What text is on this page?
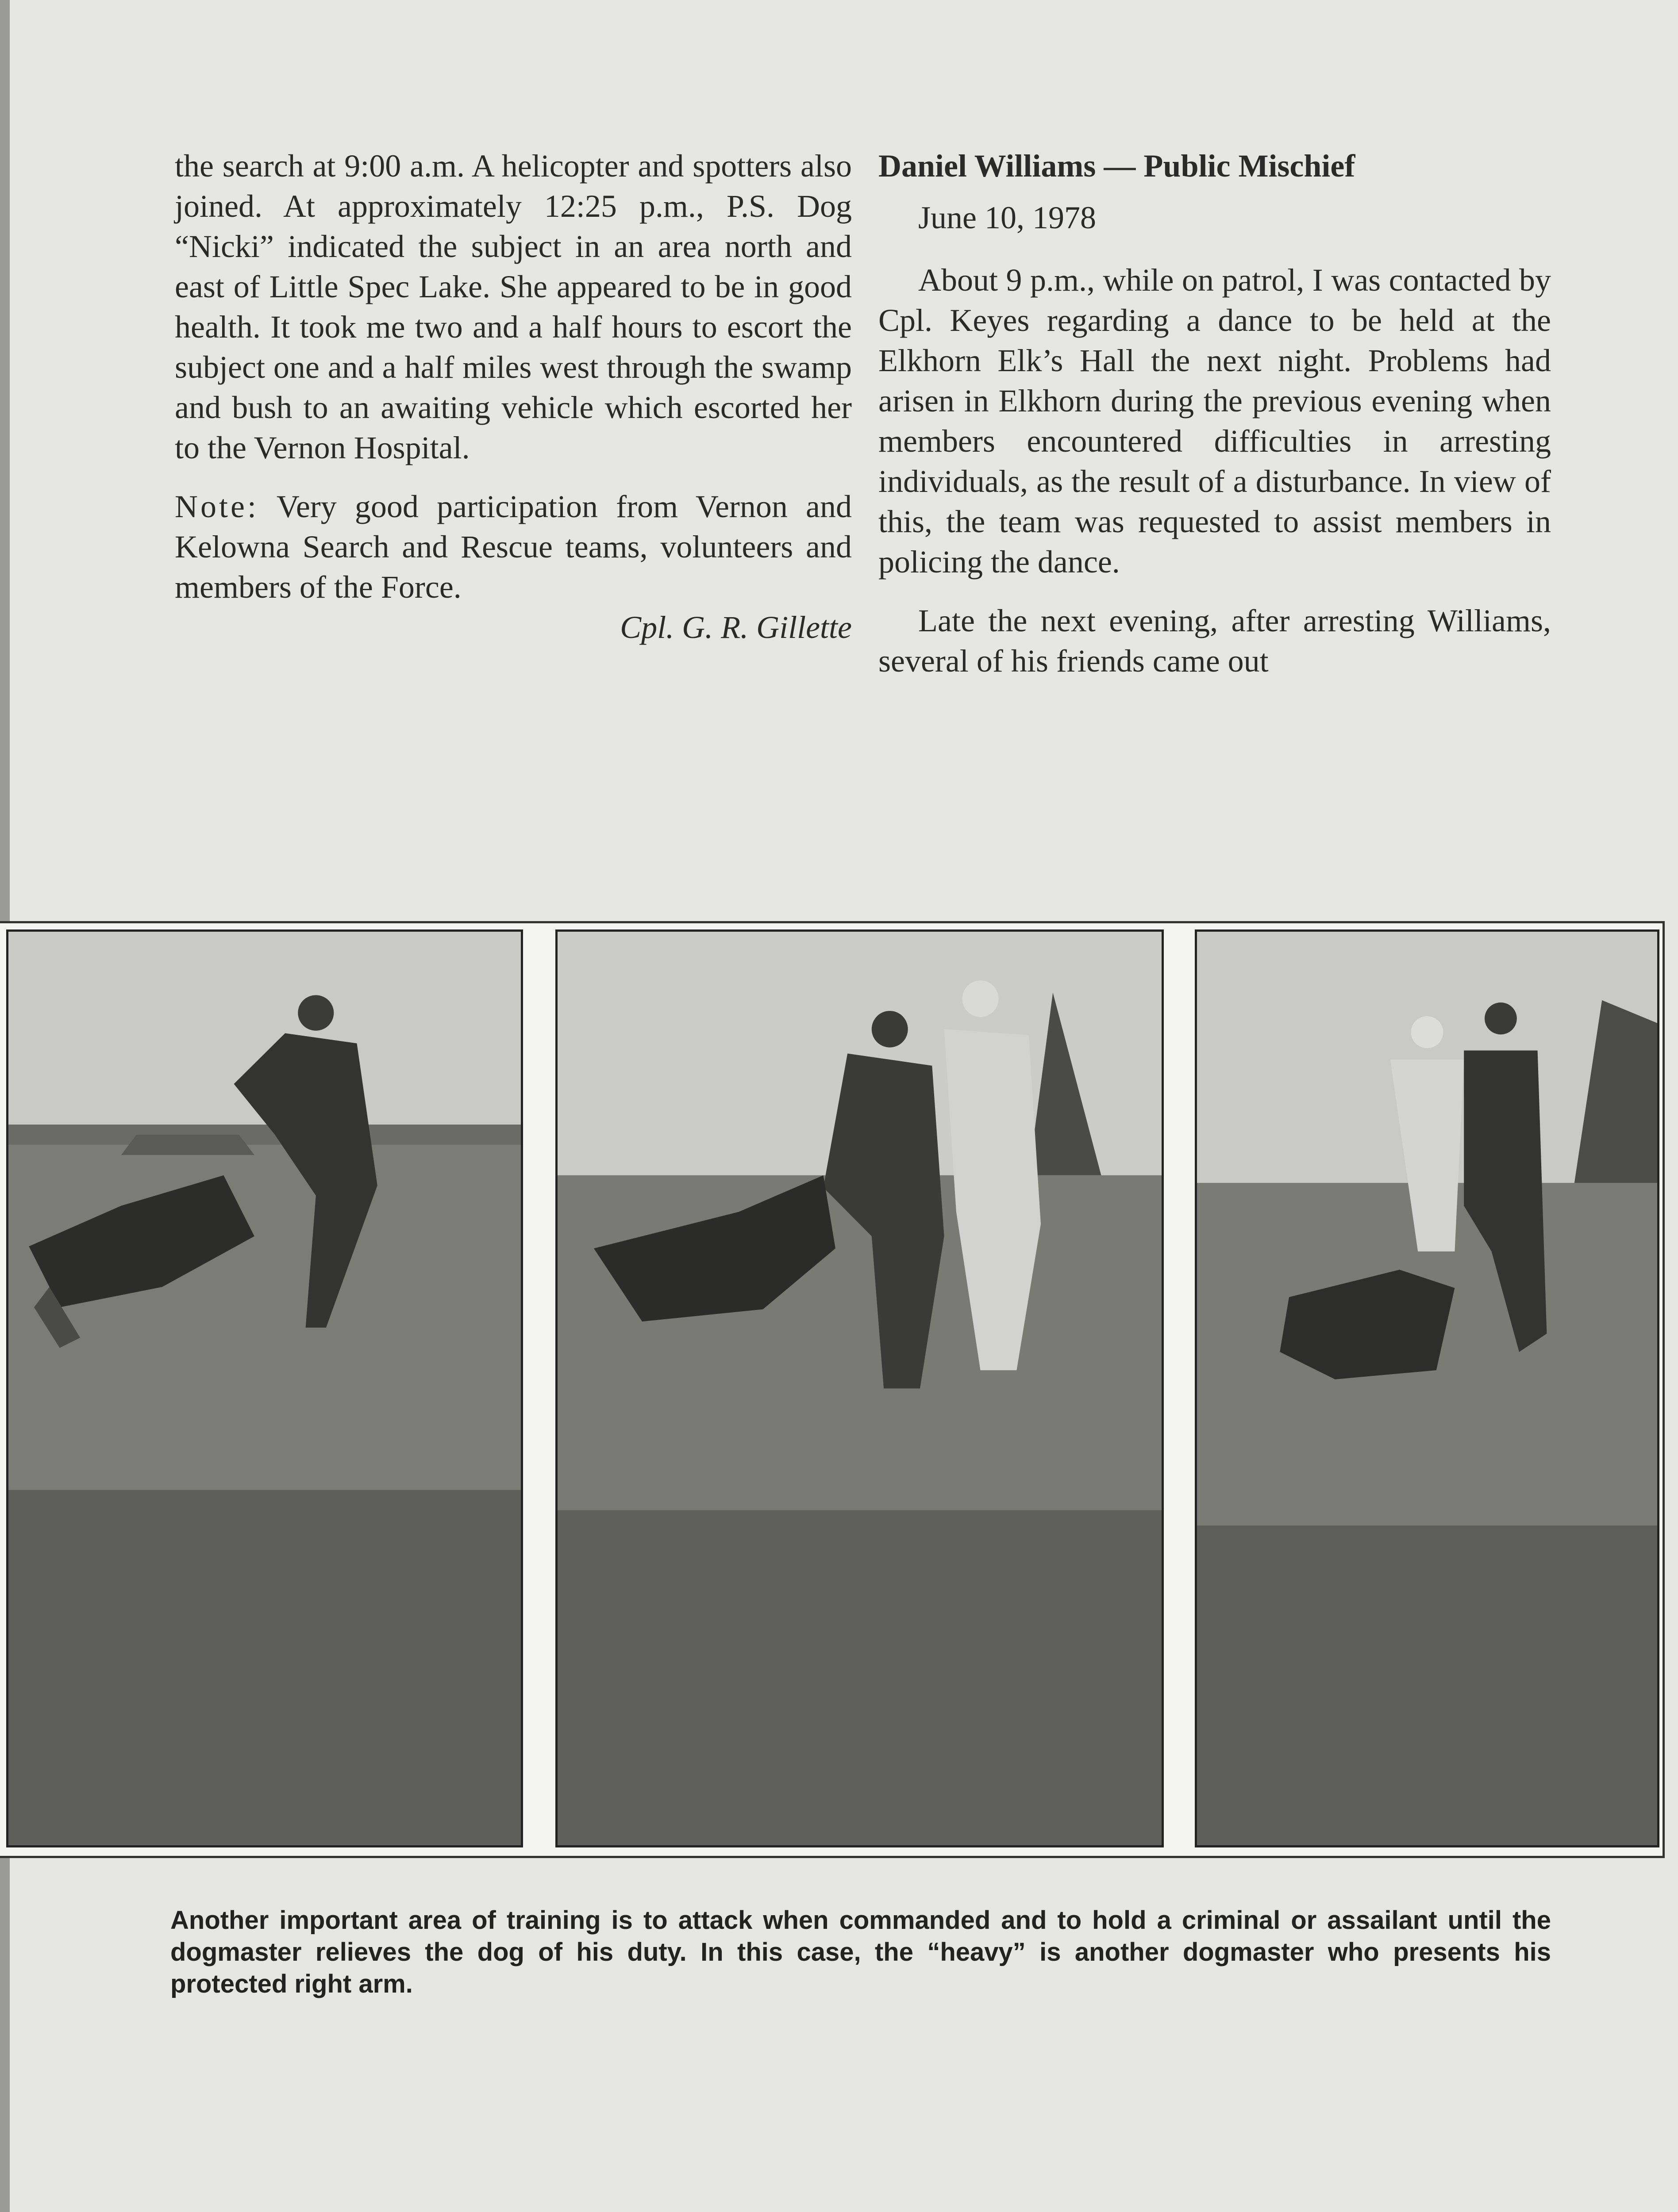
the search at 9:00 a.m. A helicopter and spotters also joined. At approximately 12:25 p.m., P.S. Dog “Nicki” indicated the subject in an area north and east of Little Spec Lake. She appeared to be in good health. It took me two and a half hours to escort the subject one and a half miles west through the swamp and bush to an awaiting vehicle which escorted her to the Vernon Hospital.

Note: Very good participation from Vernon and Kelowna Search and Rescue teams, volunteers and members of the Force.

Cpl. G. R. Gillette

Daniel Williams — Public Mischief

June 10, 1978

About 9 p.m., while on patrol, I was contacted by Cpl. Keyes regarding a dance to be held at the Elkhorn Elk’s Hall the next night. Problems had arisen in Elkhorn during the previous evening when members encountered difficulties in arresting individuals, as the result of a disturbance. In view of this, the team was requested to assist members in policing the dance.

Late the next evening, after arresting Williams, several of his friends came out

Another important area of training is to attack when commanded and to hold a criminal or assailant until the dogmaster relieves the dog of his duty. In this case, the “heavy” is another dogmaster who presents his protected right arm.
